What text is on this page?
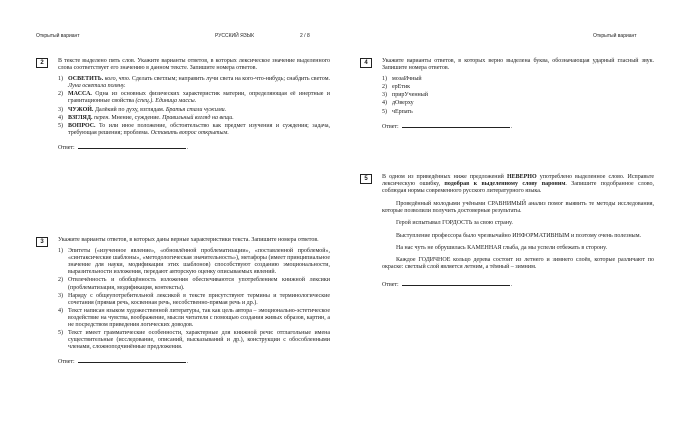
Открытый вариант	РУССКИЙ ЯЗЫК	2 / 8	Открытый вариант
2	В тексте выделено пять слов. Укажите варианты ответов, в которых лексическое значение выделенного слова соответствует его значению в данном тексте. Запишите номера ответов.

1) ОСВЕТИТЬ. кого, что. Сделать светлым; направить лучи света на кого-что-нибудь; снабдить светом. Луна осветила поляну.
2) МАССА. Одна из основных физических характеристик материи, определяющая её инертные и гравитационные свойства (спец.). Единица массы.
3) ЧУЖОЙ. Далёкий по духу, взглядам. Братья стали чужими.
4) ВЗГЛЯД. перен. Мнение, суждение. Правильный взгляд на вещи.
5) ВОПРОС. То или иное положение, обстоятельство как предмет изучения и суждения; задача, требующая решения; проблема. Оставить вопрос открытым.
Ответ:	.
3	Укажите варианты ответов, в которых даны верные характеристики текста. Запишите номера ответов.

1) Эпитеты («изученное явление», «обновлённой проблематизации», «поставленной проблемой», «синтаксические шаблоны», «методологическая значительность»), метафоры (имеет принципиальное значение для науки, модификации этих шаблонов) способствуют созданию эмоциональности, выразительности изложения, передают авторскую оценку описываемых явлений.
2) Отвлечённость и обобщённость изложения обеспечиваются употреблением книжной лексики (проблематизация, модификация, контексты).
3) Наряду с общеупотребительной лексикой в тексте присутствуют термины и терминологические сочетания (прямая речь, косвенная речь, несобственно-прямая речь и др.).
4) Текст написан языком художественной литературы, так как цель автора – эмоционально-эстетическое воздействие на чувства, воображение, мысли читателя с помощью создания живых образов, картин, а не посредством приведения логических доводов.
5) Текст имеет грамматические особенности, характерные для книжной речи: отглагольные имена существительные (исследование, описаний, высказываний и др.), конструкции с обособленными членами, сложноподчинённые предложения.
Ответ:	.
4	Укажите варианты ответов, в которых верно выделена буква, обозначающая ударный гласный звук. Запишите номера ответов.

1) мозаИчный
2) ерЕтик
3) прирУченный
4) дОверху
5) чЕрпать
Ответ:	.
5	В одном из приведённых ниже предложений НЕВЕРНО употреблено выделенное слово. Исправьте лексическую ошибку, подобрав к выделенному слову пароним. Запишите подобранное слово, соблюдая нормы современного русского литературного языка.

Проведённый молодыми учёными СРАВНИМЫЙ анализ помог выявить те методы исследования, которые позволили получить достоверные результаты.

Герой испытывал ГОРДОСТЬ за свою страну.

Выступление профессора было чрезвычайно ИНФОРМАТИВНЫМ и поэтому очень полезным.

На нас чуть не обрушилась КАМЕННАЯ глыба, да мы успели отбежать в сторону.

Каждое ГОДИЧНОЕ кольцо дерева состоит из летнего и зимнего слоёв, которые различают по окраске: светлый слой является летним, а тёмный – зимним.

Ответ:	.
